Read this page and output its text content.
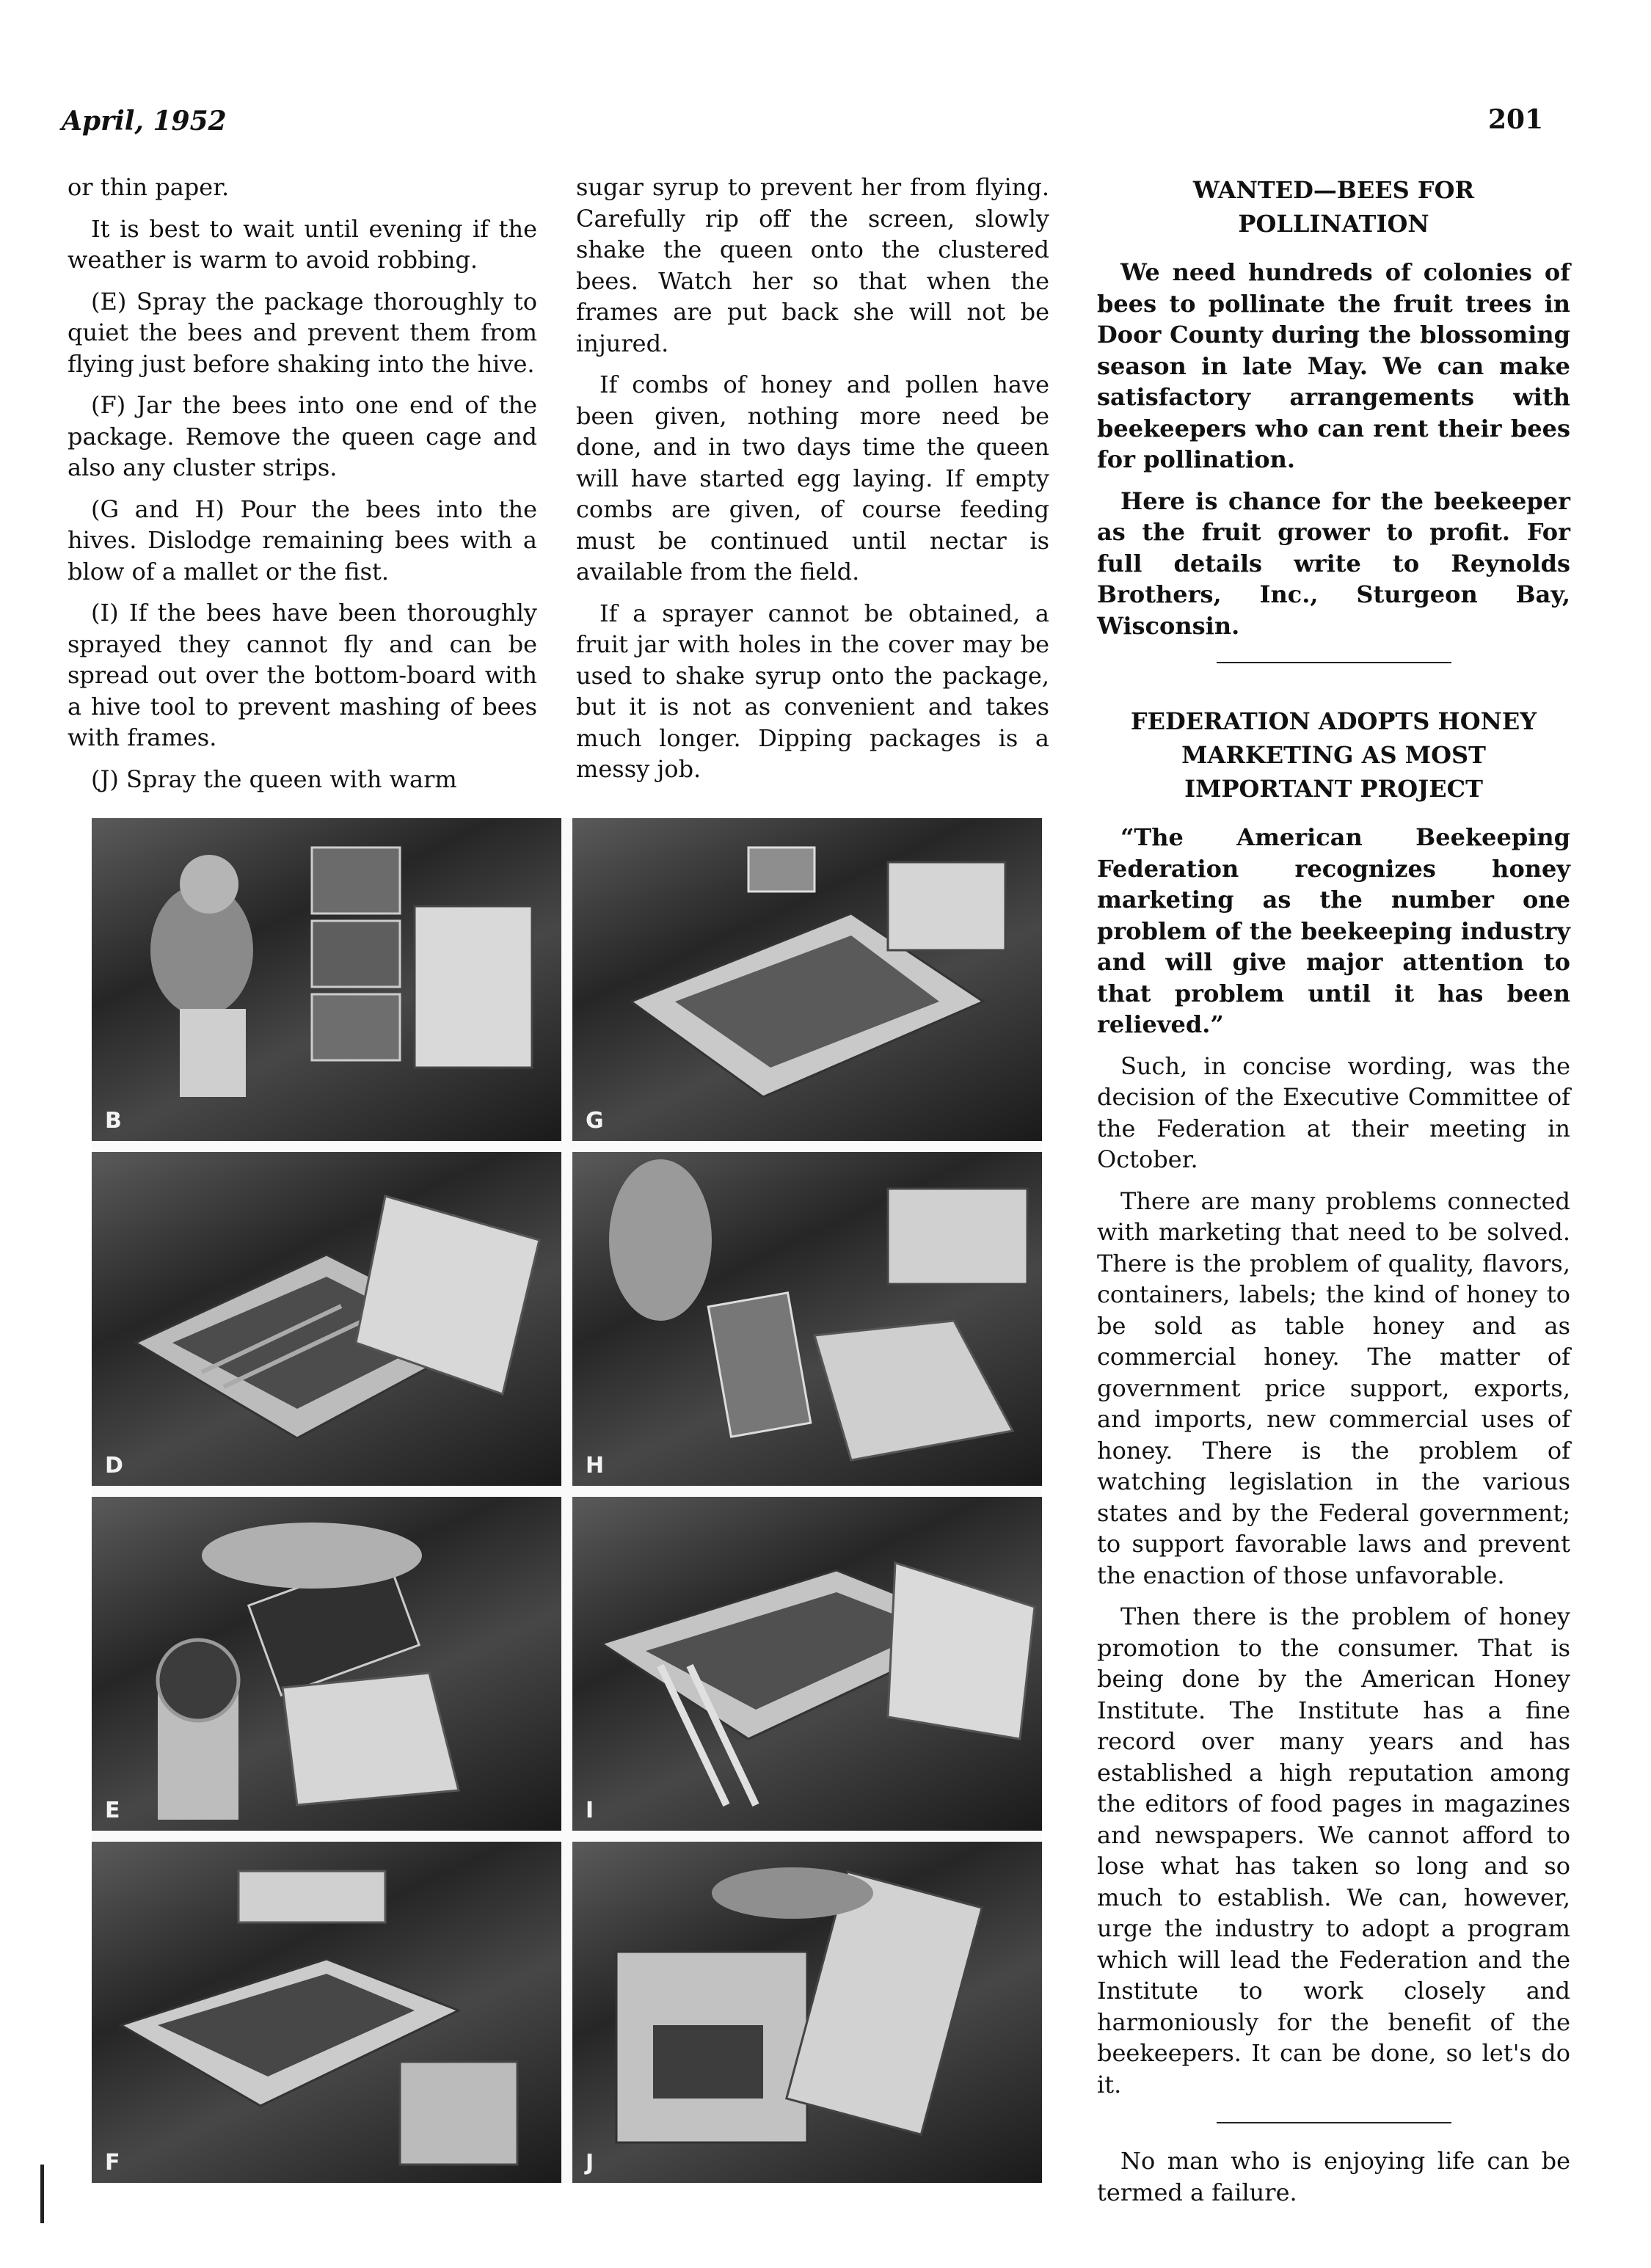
April, 1952	201

or thin paper.

It is best to wait until evening if the weather is warm to avoid robbing.

(E) Spray the package thoroughly to quiet the bees and prevent them from flying just before shaking into the hive.

(F) Jar the bees into one end of the package. Remove the queen cage and also any cluster strips.

(G and H) Pour the bees into the hives. Dislodge remaining bees with a blow of a mallet or the fist.

(I) If the bees have been thoroughly sprayed they cannot fly and can be spread out over the bottom-board with a hive tool to prevent mashing of bees with frames.

(J) Spray the queen with warm

sugar syrup to prevent her from flying. Carefully rip off the screen, slowly shake the queen onto the clustered bees. Watch her so that when the frames are put back she will not be injured.

If combs of honey and pollen have been given, nothing more need be done, and in two days time the queen will have started egg laying. If empty combs are given, of course feeding must be continued until nectar is available from the field.

If a sprayer cannot be obtained, a fruit jar with holes in the cover may be used to shake syrup onto the package, but it is not as convenient and takes much longer. Dipping packages is a messy job.

WANTED—BEES FOR POLLINATION

We need hundreds of colonies of bees to pollinate the fruit trees in Door County during the blossoming season in late May. We can make satisfactory arrangements with beekeepers who can rent their bees for pollination.

Here is chance for the beekeeper as the fruit grower to profit. For full details write to Reynolds Brothers, Inc., Sturgeon Bay, Wisconsin.

FEDERATION ADOPTS HONEY MARKETING AS MOST IMPORTANT PROJECT

“The American Beekeeping Federation recognizes honey marketing as the number one problem of the beekeeping industry and will give major attention to that problem until it has been relieved.”

Such, in concise wording, was the decision of the Executive Committee of the Federation at their meeting in October.

There are many problems connected with marketing that need to be solved. There is the problem of quality, flavors, containers, labels; the kind of honey to be sold as table honey and as commercial honey. The matter of government price support, exports, and imports, new commercial uses of honey. There is the problem of watching legislation in the various states and by the Federal government; to support favorable laws and prevent the enaction of those unfavorable.

Then there is the problem of honey promotion to the consumer. That is being done by the American Honey Institute. The Institute has a fine record over many years and has established a high reputation among the editors of food pages in magazines and newspapers. We cannot afford to lose what has taken so long and so much to establish. We can, however, urge the industry to adopt a program which will lead the Federation and the Institute to work closely and harmoniously for the benefit of the beekeepers. It can be done, so let's do it.

No man who is enjoying life can be termed a failure.

B	G
D	H
E	I
F	J
